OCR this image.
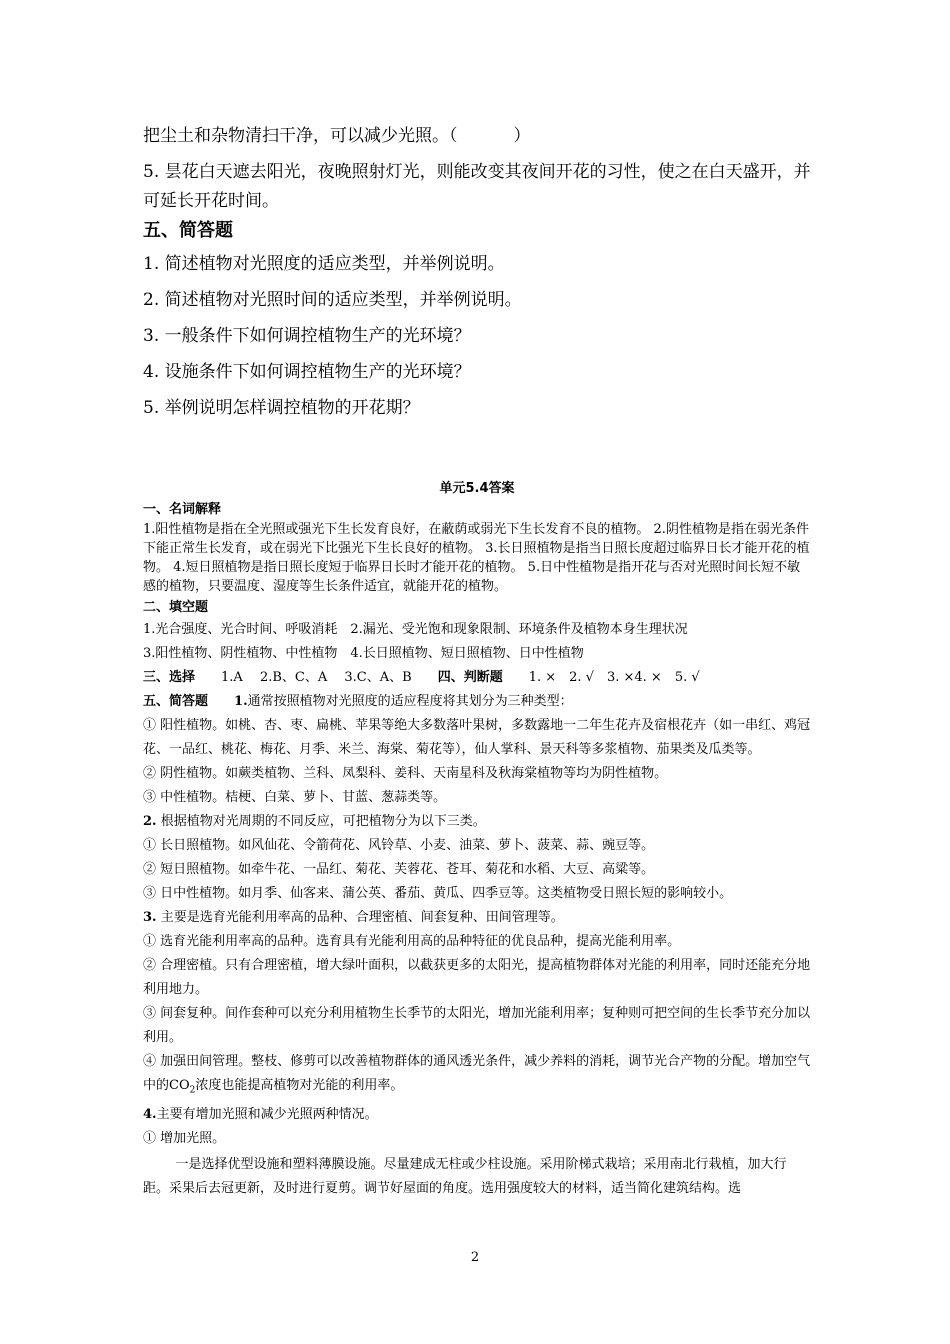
把尘土和杂物清扫干净，可以减少光照。（	）

5. 昙花白天遮去阳光，夜晚照射灯光，则能改变其夜间开花的习性，使之在白天盛开，并可延长开花时间。

五、简答题

1. 简述植物对光照度的适应类型，并举例说明。

2. 简述植物对光照时间的适应类型，并举例说明。

3. 一般条件下如何调控植物生产的光环境？

4. 设施条件下如何调控植物生产的光环境？

5. 举例说明怎样调控植物的开花期？

单元5.4答案

一、名词解释

1.阳性植物是指在全光照或强光下生长发育良好，在蔽荫或弱光下生长发育不良的植物。 2.阴性植物是指在弱光条件下能正常生长发育，或在弱光下比强光下生长良好的植物。 3.长日照植物是指当日照长度超过临界日长才能开花的植物。 4.短日照植物是指日照长度短于临界日长时才能开花的植物。 5.日中性植物是指开花与否对光照时间长短不敏感的植物，只要温度、湿度等生长条件适宜，就能开花的植物。

二、填空题

1.光合强度、光合时间、呼吸消耗　2.漏光、受光饱和现象限制、环境条件及植物本身生理状况

3.阳性植物、阴性植物、中性植物　4.长日照植物、短日照植物、日中性植物

三、选择　　 1.A　 2.B、C、A　 3.C、A、B　　 四、判断题　　 1. ×　2. √　3. ×4. ×　5. √

五、简答题　　 1.通常按照植物对光照度的适应程度将其划分为三种类型：

① 阳性植物。如桃、杏、枣、扁桃、苹果等绝大多数落叶果树，多数露地一二年生花卉及宿根花卉（如一串红、鸡冠花、一品红、桃花、梅花、月季、米兰、海棠、菊花等），仙人掌科、景天科等多浆植物、茄果类及瓜类等。

② 阴性植物。如蕨类植物、兰科、凤梨科、姜科、天南星科及秋海棠植物等均为阴性植物。

③ 中性植物。桔梗、白菜、萝卜、甘蓝、葱蒜类等。

2. 根据植物对光周期的不同反应，可把植物分为以下三类。

① 长日照植物。如风仙花、令箭荷花、风铃草、小麦、油菜、萝卜、菠菜、蒜、豌豆等。

② 短日照植物。如牵牛花、一品红、菊花、芙蓉花、苍耳、菊花和水稻、大豆、高粱等。

③ 日中性植物。如月季、仙客来、蒲公英、番茄、黄瓜、四季豆等。这类植物受日照长短的影响较小。

3. 主要是选育光能利用率高的品种、合理密植、间套复种、田间管理等。

① 选育光能利用率高的品种。选育具有光能利用高的品种特征的优良品种，提高光能利用率。

② 合理密植。只有合理密植，增大绿叶面积，以截获更多的太阳光，提高植物群体对光能的利用率，同时还能充分地利用地力。

③ 间套复种。间作套种可以充分利用植物生长季节的太阳光，增加光能利用率；复种则可把空间的生长季节充分加以利用。

④ 加强田间管理。整枝、修剪可以改善植物群体的通风透光条件，减少养料的消耗，调节光合产物的分配。增加空气中的$CO_2$浓度也能提高植物对光能的利用率。

4.主要有增加光照和减少光照两种情况。

① 增加光照。

一是选择优型设施和塑料薄膜设施。尽量建成无柱或少柱设施。采用阶梯式栽培；采用南北行栽植，加大行距。采果后去冠更新，及时进行夏剪。调节好屋面的角度。选用强度较大的材料，适当简化建筑结构。选

2
